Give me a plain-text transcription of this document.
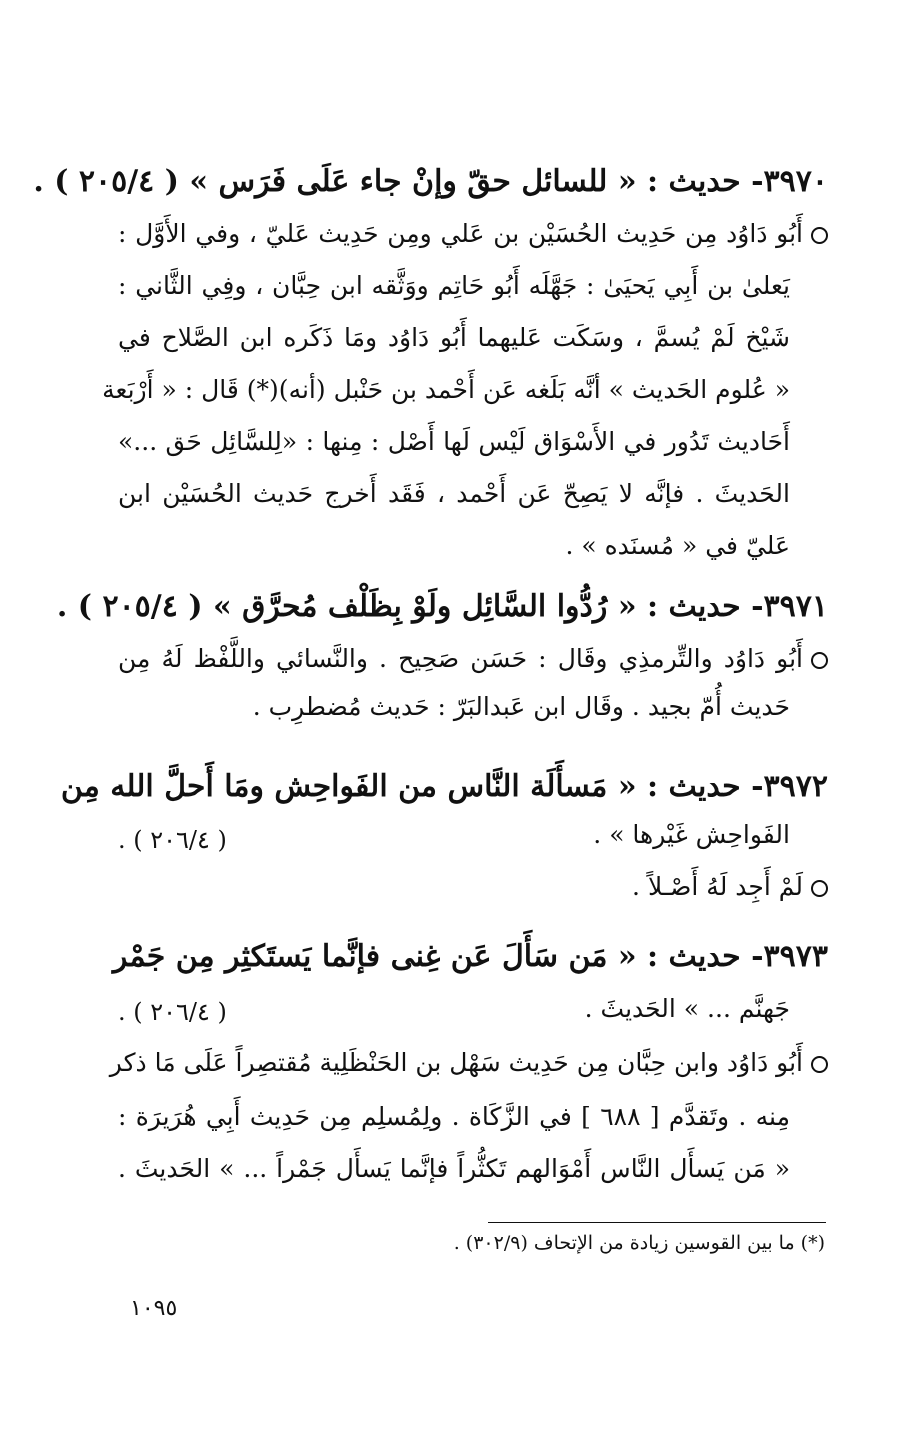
٣٩٧٠- حديث : « للسائل حقّ وإنْ جاء عَلَى فَرَس » ( ٢٠٥/٤ ) .
أَبُو دَاوُد مِن حَدِيث الحُسَيْن بن عَلي ومِن حَدِيث عَليّ ، وفي الأَوَّل :
يَعلىٰ بن أَبِي يَحيَىٰ : جَهَّلَه أَبُو حَاتِم ووَثَّقه ابن حِبَّان ، وفِي الثَّاني :
شَيْخ لَمْ يُسمَّ ، وسَكَت عَليهما أَبُو دَاوُد ومَا ذَكَره ابن الصَّلاح في
« عُلوم الحَديث » أنَّه بَلَغه عَن أَحْمد بن حَنْبل (أنه)(*) قَال : « أَرْبَعة
أَحَاديث تَدُور في الأَسْوَاق لَيْس لَها أَصْل : مِنها : «لِلسَّائِل حَق ...»
الحَديثَ . فإنَّه لا يَصِحّ عَن أَحْمد ، فَقَد أَخرج حَديث الحُسَيْن ابن
عَليّ في « مُسنَده » .
٣٩٧١- حديث : « رُدُّوا السَّائِل ولَوْ بِظَلْف مُحرَّق » ( ٢٠٥/٤ ) .
أَبُو دَاوُد والتِّرمذِي وقَال : حَسَن صَحِيح . والنَّسائي واللَّفْظ لَهُ مِن
حَديث أُمّ بجيد . وقَال ابن عَبدالبَرّ : حَديث مُضطرِب .
٣٩٧٢- حديث : « مَسأَلَة النَّاس من الفَواحِش ومَا أَحلَّ الله مِن
الفَواحِش غَيْرها » .
( ٢٠٦/٤ ) .
لَمْ أَجِد لَهُ أَصْـلاً .
٣٩٧٣- حديث : « مَن سَأَلَ عَن غِنى فإنَّما يَستَكثِر مِن جَمْر
جَهنَّم ... » الحَديثَ .
( ٢٠٦/٤ ) .
أَبُو دَاوُد وابن حِبَّان مِن حَدِيث سَهْل بن الحَنْظَلِية مُقتصِراً عَلَى مَا ذكر
مِنه . وتَقدَّم [ ٦٨٨ ] في الزَّكَاة . ولِمُسلِم مِن حَدِيث أَبِي هُرَيرَة :
« مَن يَسأَل النَّاس أَمْوَالهم تَكثُّراً فإنَّما يَسأَل جَمْراً ... » الحَديثَ .
(*) ما بين القوسين زيادة من الإتحاف (٣٠٢/٩) .
١٠٩٥
